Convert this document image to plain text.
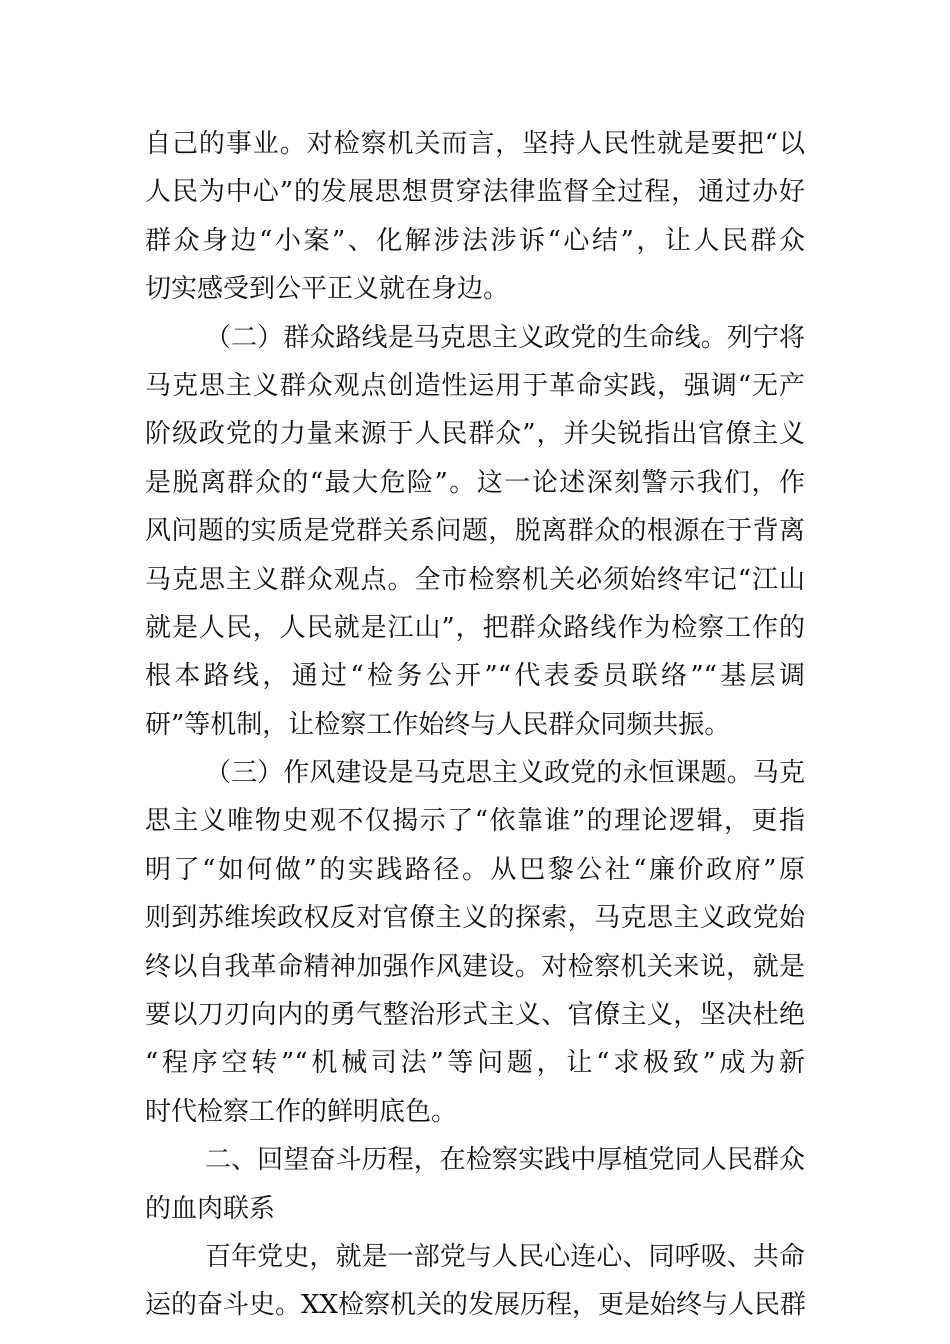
自己的事业。对检察机关而言，坚持人民性就是要把“以
人民为中心”的发展思想贯穿法律监督全过程，通过办好
群众身边“小案”、化解涉法涉诉“心结”，让人民群众
切实感受到公平正义就在身边。
（二）群众路线是马克思主义政党的生命线。列宁将
马克思主义群众观点创造性运用于革命实践，强调“无产
阶级政党的力量来源于人民群众”，并尖锐指出官僚主义
是脱离群众的“最大危险”。这一论述深刻警示我们，作
风问题的实质是党群关系问题，脱离群众的根源在于背离
马克思主义群众观点。全市检察机关必须始终牢记“江山
就是人民，人民就是江山”，把群众路线作为检察工作的
根本路线，通过“检务公开”“代表委员联络”“基层调
研”等机制，让检察工作始终与人民群众同频共振。
（三）作风建设是马克思主义政党的永恒课题。马克
思主义唯物史观不仅揭示了“依靠谁”的理论逻辑，更指
明了“如何做”的实践路径。从巴黎公社“廉价政府”原
则到苏维埃政权反对官僚主义的探索，马克思主义政党始
终以自我革命精神加强作风建设。对检察机关来说，就是
要以刀刃向内的勇气整治形式主义、官僚主义，坚决杜绝
“程序空转”“机械司法”等问题，让“求极致”成为新
时代检察工作的鲜明底色。
二、回望奋斗历程，在检察实践中厚植党同人民群众
的血肉联系
百年党史，就是一部党与人民心连心、同呼吸、共命
运的奋斗史。XX检察机关的发展历程，更是始终与人民群
